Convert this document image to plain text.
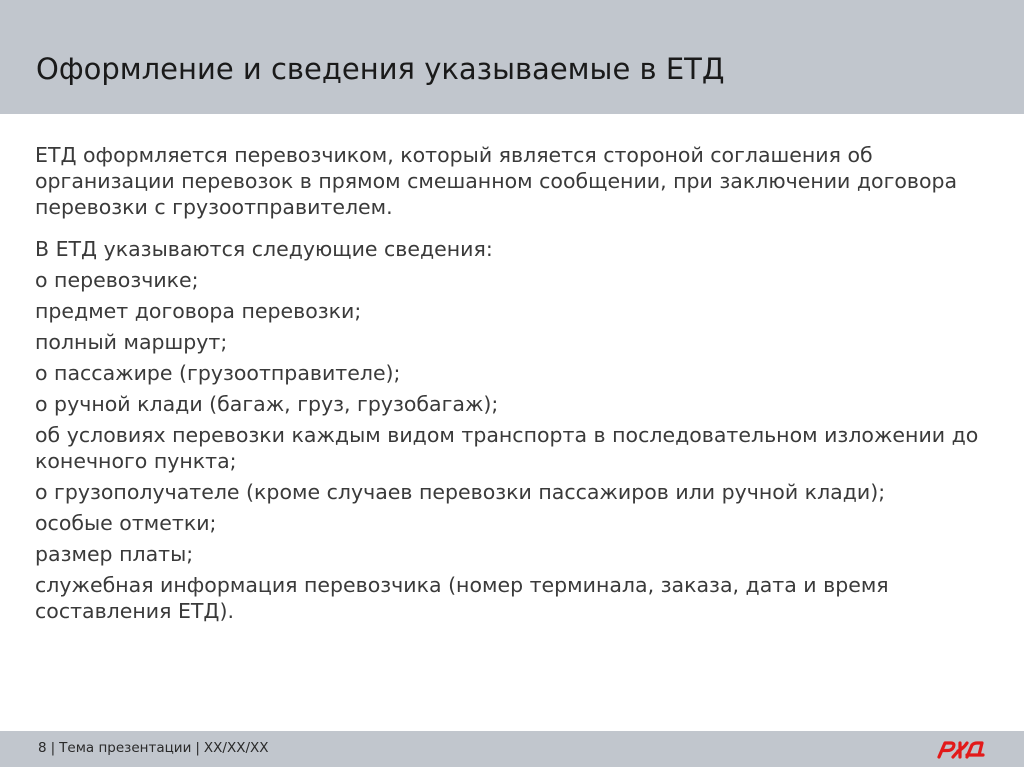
Оформление и сведения указываемые в ЕТД

ЕТД оформляется перевозчиком, который является стороной соглашения об организации перевозок в прямом смешанном сообщении, при заключении договора перевозки с грузоотправителем.

В ЕТД указываются следующие сведения:

о перевозчике;
предмет договора перевозки;
полный маршрут;
о пассажире (грузоотправителе);
о ручной клади (багаж, груз, грузобагаж);
об условиях перевозки каждым видом транспорта в последовательном изложении до конечного пункта;
о грузополучателе (кроме случаев перевозки пассажиров или ручной клади);
особые отметки;
размер платы;
служебная информация перевозчика (номер терминала, заказа, дата и время составления ЕТД).
8 | Тема презентации | XX/XX/XX
